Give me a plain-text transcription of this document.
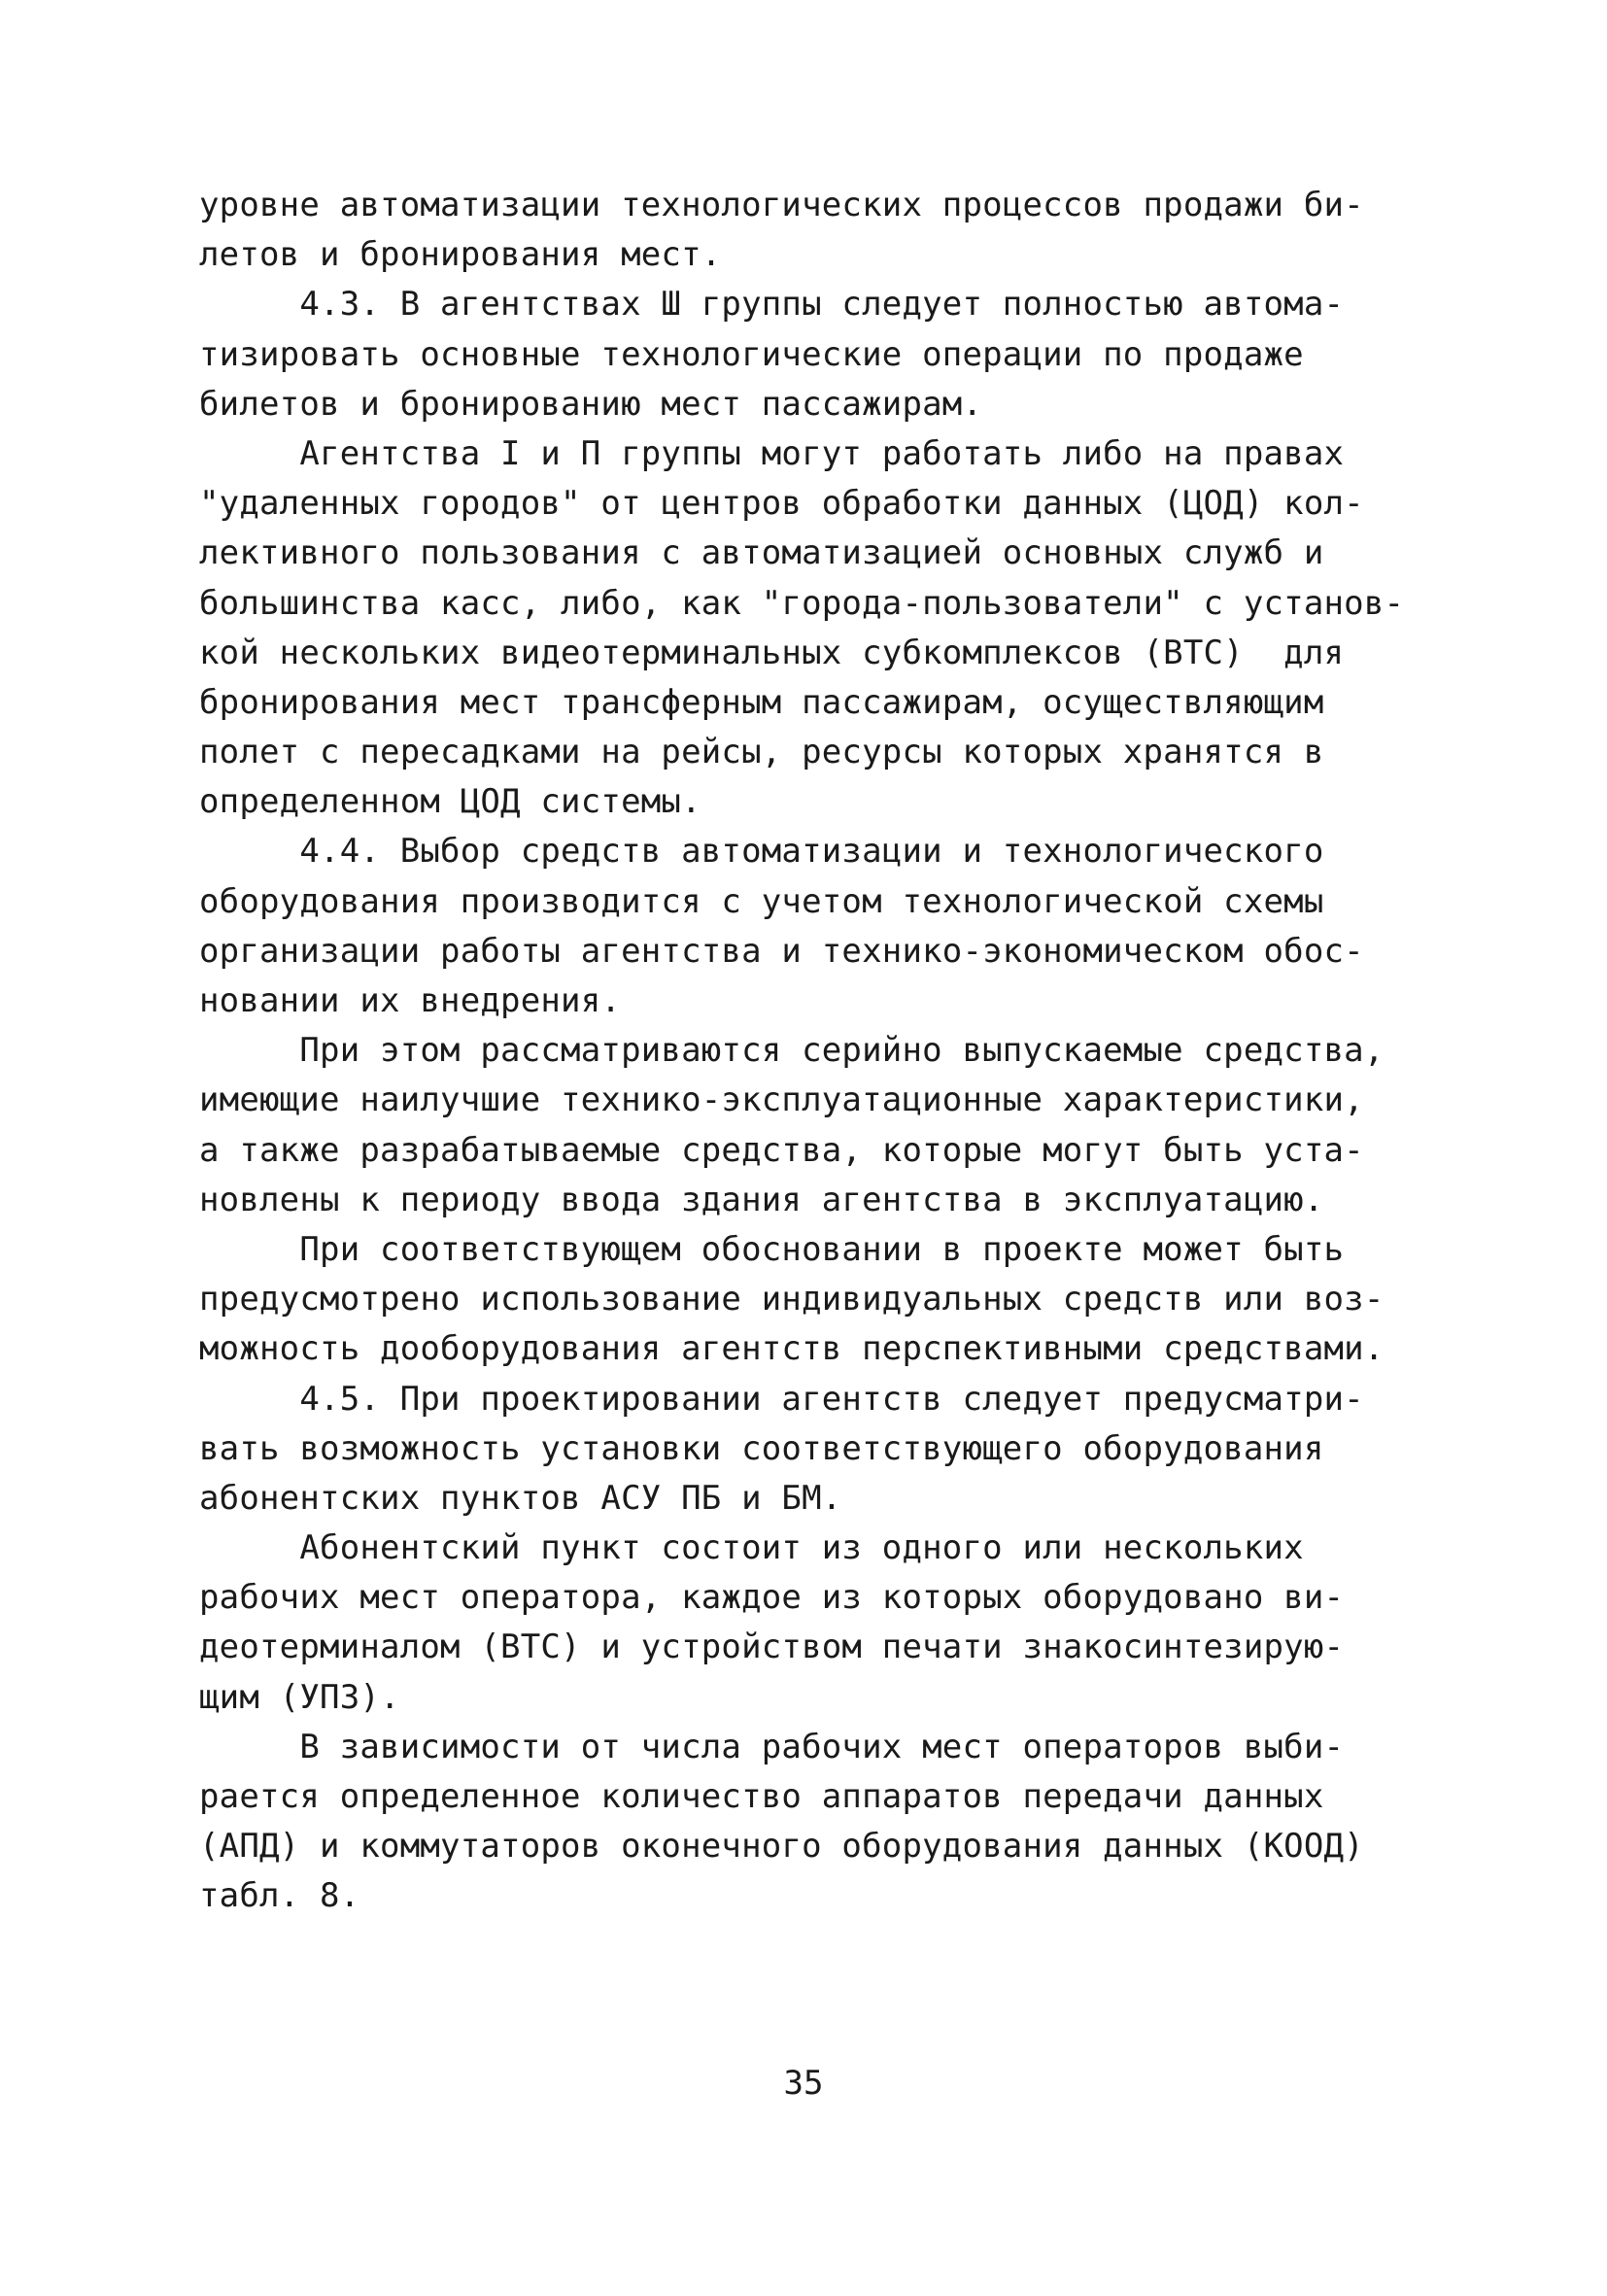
уровне автоматизации технологических процессов продажи би-
летов и бронирования мест.
4.3. В агентствах Ш группы следует полностью автома-
тизировать основные технологические операции по продаже
билетов и бронированию мест пассажирам.
Агентства I и П группы могут работать либо на правах
"удаленных городов" от центров обработки данных (ЦОД) кол-
лективного пользования с автоматизацией основных служб и
большинства касс, либо, как "города-пользователи" с установ-
кой нескольких видеотерминальных субкомплексов (ВТС)  для
бронирования мест трансферным пассажирам, осуществляющим
полет с пересадками на рейсы, ресурсы которых хранятся в
определенном ЦОД системы.
4.4. Выбор средств автоматизации и технологического
оборудования производится с учетом технологической схемы
организации работы агентства и технико-экономическом обос-
новании их внедрения.
При этом рассматриваются серийно выпускаемые средства,
имеющие наилучшие технико-эксплуатационные характеристики,
а также разрабатываемые средства, которые могут быть уста-
новлены к периоду ввода здания агентства в эксплуатацию.
При соответствующем обосновании в проекте может быть
предусмотрено использование индивидуальных средств или воз-
можность дооборудования агентств перспективными средствами.
4.5. При проектировании агентств следует предусматри-
вать возможность установки соответствующего оборудования
абонентских пунктов АСУ ПБ и БМ.
Абонентский пункт состоит из одного или нескольких
рабочих мест оператора, каждое из которых оборудовано ви-
деотерминалом (ВТС) и устройством печати знакосинтезирую-
щим (УПЗ).
В зависимости от числа рабочих мест операторов выби-
рается определенное количество аппаратов передачи данных
(АПД) и коммутаторов оконечного оборудования данных (КООД)
табл. 8.
35
